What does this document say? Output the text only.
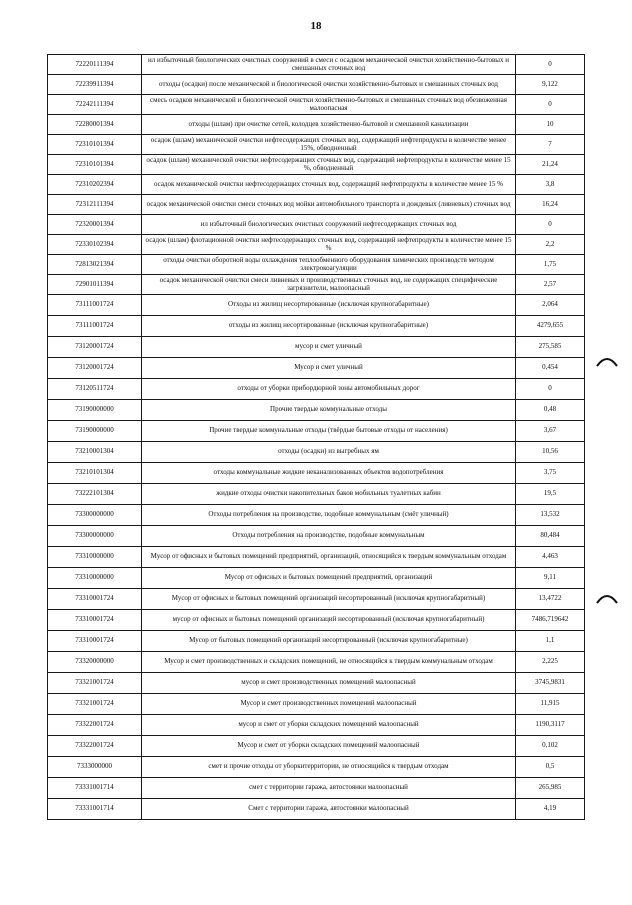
18
72220111394	ил избыточный биологических очистных сооружений в смеси с осадком механической очистки хозяйственно-бытовых и смешанных сточных вод	0
72239911394	отходы (осадки) после механической и биологической очистки хозяйственно-бытовых и смешанных сточных вод	9,122
72242111394	смесь осадков механической и биологической очистки хозяйственно-бытовых и смешанных сточных вод обезвоженная малоопасная	0
72280001394	отходы (шлам) при очистке сетей, колодцев хозяйственно-бытовой и смешанной канализации	10
72310101394	осадок (шлам) механической очистки нефтесодержащих сточных вод, содержащий нефтепродукты в количестве менее 15%, обводненный	7
72310101394	осадок (шлам) механической очистки нефтесодержащих сточных вод, содержащий нефтепродукты в количестве менее 15 %, обводненный	21,24
72310202394	осадок механической очистки нефтесодержащих сточных вод, содержащий нефтепродукты в количестве менее 15 %	3,8
72312111394	осадок механической очистки смеси сточных вод мойки автомобильного транспорта и дождевых (ливневых) сточных вод	16,24
72320001394	ил избыточный биологических очистных сооружений нефтесодержащих сточных вод	0
72330102394	осадок (шлам) флотационной очистки нефтесодержащих сточных вод, содержащий нефтепродукты в количестве менее 15 %	2,2
72813021394	отходы очистки оборотной воды охлаждения теплообменного оборудования химических производств методом электрокоагуляции	1,75
72901011394	осадок механической очистки смеси ливневых и производственных сточных вод, не содержащих специфические загрязнители, малоопасный	2,57
73111001724	Отходы из жилищ несортированные (исключая крупногабаритные)	2,064
73111001724	отходы из жилищ несортированные (исключая крупногабаритные)	4279,655
73120001724	мусор и смет уличный	275,585
73120001724	Мусор и смет уличный	0,454
73120511724	отходы от уборки прибордюрной зоны автомобильных дорог	0
73190000000	Прочие твердые коммунальные отходы	0,48
73190000000	Прочие твердые коммунальные отходы (твёрдые бытовые отходы от населения)	3,67
73210001304	отходы (осадки) из выгребных ям	10,56
73210101304	отходы коммунальные жидкие неканализованных объектов водопотребления	3,75
73222101304	жидкие отходы очистки накопительных баков мобильных туалетных кабин	19,5
73300000000	Отходы потребления на производстве, подобные коммунальным (смёт уличный)	13,532
73300000000	Отходы потребления на производстве, подобные коммунальным	80,484
73310000000	Мусор от офисных и бытовых помещений предприятий, организаций, относящийся к твердым коммунальным отходам	4,463
73310000000	Мусор от офисных и бытовых помещений предприятий, организаций	9,11
73310001724	Мусор от офисных и бытовых помещений организаций несортированный (исключая крупногабаритный)	13,4722
73310001724	мусор от офисных и бытовых помещений организаций несортированный (исключая крупногабаритный)	7486,719642
73310001724	Мусор от бытовых помещений организаций несортированный (исключая крупногабаритные)	1,1
73320000000	Мусор и смет производственных и складских помещений, не относящийся к твердым коммунальным отходам	2,225
73321001724	мусор и смет производственных помещений малоопасный	3745,9831
73321001724	Мусор и смет производственных помещений малоопасный	11,915
73322001724	мусор и смет от уборки складских помещений малоопасный	1190,3117
73322001724	Мусор и смет от уборки складских помещений малоопасный	0,102
7333000000	смет и прочие отходы от уборкитерритории, не относящийся к твердым отходам	0,5
73331001714	смет с территории гаража, автостоянки малоопасный	265,985
73331001714	Смет с территории гаража, автостоянки малоопасный	4,19
